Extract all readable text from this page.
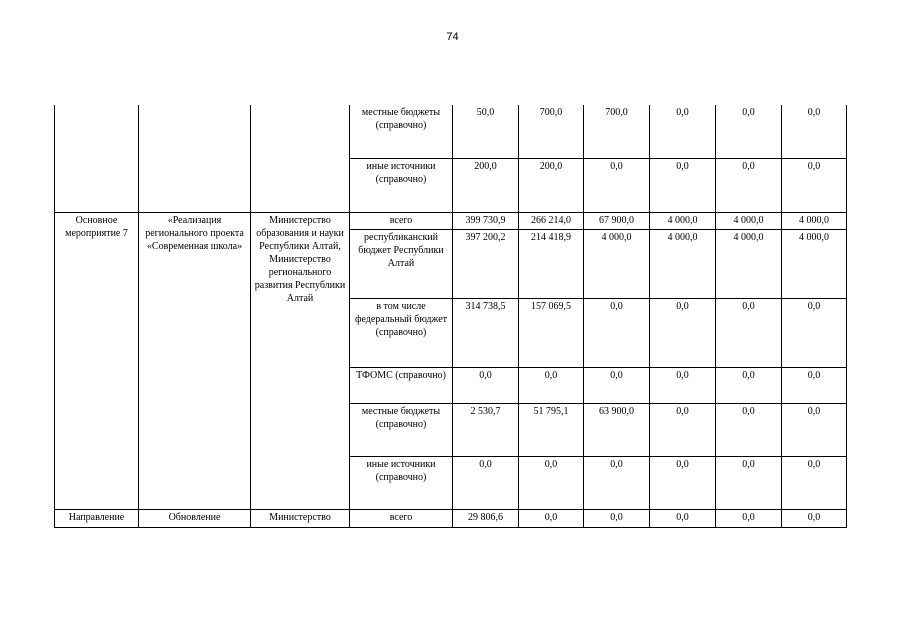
74
			местные бюджеты (справочно)	50,0	700,0	700,0	0,0	0,0	0,0
			иные источники (справочно)	200,0	200,0	0,0	0,0	0,0	0,0
Основное мероприятие 7	«Реализация регионального проекта «Современная школа»	Министерство образования и науки Республики Алтай, Министерство регионального развития Республики Алтай	всего	399 730,9	266 214,0	67 900,0	4 000,0	4 000,0	4 000,0
			республиканский бюджет Республики Алтай	397 200,2	214 418,9	4 000,0	4 000,0	4 000,0	4 000,0
			в том числе федеральный бюджет (справочно)	314 738,5	157 069,5	0,0	0,0	0,0	0,0
			ТФОМС (справочно)	0,0	0,0	0,0	0,0	0,0	0,0
			местные бюджеты (справочно)	2 530,7	51 795,1	63 900,0	0,0	0,0	0,0
			иные источники (справочно)	0,0	0,0	0,0	0,0	0,0	0,0
Направление	Обновление	Министерство	всего	29 806,6	0,0	0,0	0,0	0,0	0,0
